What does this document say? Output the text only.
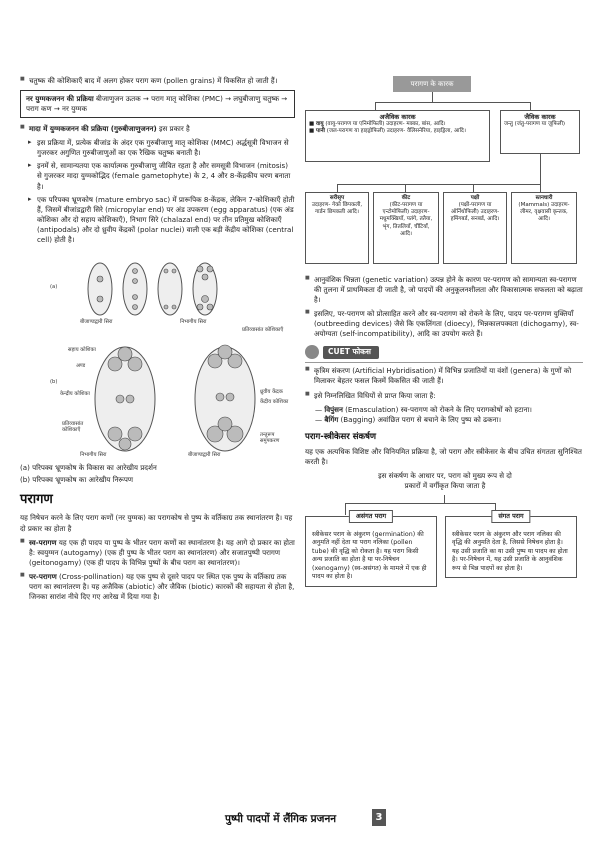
■ चतुष्क की कोशिकाएँ बाद में अलग होकर पराग कण (pollen grains) में विकसित हो जाती हैं।
नर युग्मकजनन की प्रक्रिया बीजाणुजन ऊतक → पराग मातृ कोशिका (PMC) → लघुबीजाणु चतुष्क → पराग कण → नर युग्मक
■ मादा में युग्मकजनन की प्रक्रिया (गुरुबीजाणुजनन) इस प्रकार है
▸ इस प्रक्रिया में, प्रत्येक बीजांड के अंदर एक गुरुबीजाणु मातृ कोशिका (MMC) अर्द्धसूत्री विभाजन से गुजरकर अगुणित गुरुबीजाणुओं का एक रैखिक चतुष्क बनाती है।
▸ इनमें से, सामान्यतया एक कार्यात्मक गुरुबीजाणु जीवित रहता है और समसूत्री विभाजन (mitosis) से गुजरकर मादा युग्मकोद्भिद (female gametophyte) के 2, 4 और 8-केंद्रकीय चरण बनाता है।
▸ एक परिपक्व भ्रूणकोष (mature embryo sac) में प्रारूपिक 8-केंद्रक, लेकिन 7-कोशिकाएँ होती हैं, जिसमें बीजांडद्वारी सिरे (micropylar end) पर अंड उपकरण (egg apparatus) (एक अंड कोशिका और दो सहाय कोशिकाएँ), निभाग सिरे (chalazal end) पर तीन प्रतिमुख कोशिकाएँ (antipodals) और दो ध्रुवीय केंद्रकों (polar nuclei) वाली एक बड़ी केंद्रीय कोशिका (central cell) होती है।
(a)
(b)
बीजाण्डद्वारी सिरा	निभागीय सिरा
प्रतिव्यासांत कोशिकाएँ
सहाय कोशिका
अण्ड
केन्द्रीय कोशिका	ध्रुवीय केंद्रक
केंद्रीय कोशिका
प्रतिव्यासांत कोशिकाएँ
निभागीय सिरा	बीजाण्डद्वारी सिरा
तन्तुरूप समुपकरण

(a) परिपक्व भ्रूणकोष के विकास का आरेखीय प्रदर्शन

(b) परिपक्व भ्रूणकोष का आरेखीय निरूपण

परागण

यह निषेचन करने के लिए पराग कणों (नर युग्मक) का परागकोष से पुष्प के वर्तिकाग्र तक स्थानांतरण है। यह दो प्रकार का होता है

■ स्व-परागण यह एक ही पादप या पुष्प के भीतर पराग कणों का स्थानांतरण है। यह आगे दो प्रकार का होता है: स्वयुग्मन (autogamy) (एक ही पुष्प के भीतर पराग का स्थानांतरण) और सजातपुष्पी परागण (geitonogamy) (एक ही पादप के विभिन्न पुष्पों के बीच पराग का स्थानांतरण)।
■ पर-परागण (Cross-pollination) यह एक पुष्प से दूसरे पादप पर स्थित एक पुष्प के वर्तिकाग्र तक पराग का स्थानांतरण है। यह अजैविक (abiotic) और जैविक (biotic) कारकों की सहायता से होता है, जिनका सारांश नीचे दिए गए आरेख में दिया गया है।
परागण के कारक
अजैविक कारक
■ वायु (वायु-परागण या एनिमोफिली) उदाहरण- मक्का, बांस, आदि।
■ पानी (जल-परागण या हाइड्रोफिली) उदाहरण- वैलिसनेरिया, हाइड्रिला, आदि।
जैविक कारक
जन्तु (जंतु-परागण या ज़ूफिली)
सरीसृप
उदाहरण- गेको छिपकली, गार्डन छिपकली आदि।
कीट
(कीट-परागण या एन्टोमोफिली) उदाहरण- मधुमक्खियाँ, पतंगे, ततैया, भृंग, तितलियाँ, चींटियाँ, आदि।
पक्षी
(पक्षी-परागण या ऑर्निथोफिली) उदाहरण- हमिंगबर्ड, सनबर्ड, आदि।
स्तनधारी
(Mammals) उदाहरण- लीमर, वृक्षवासी कृन्तक, आदि।
■ आनुवंशिक भिन्नता (genetic variation) उत्पन्न होने के कारण पर-परागण को सामान्यता स्व-परागण की तुलना में प्राथमिकता दी जाती है, जो पादपों की अनुकूलनशीलता और विकासात्मक सफलता को बढ़ाता है।
■ इसलिए, पर-परागण को प्रोत्साहित करने और स्व-परागण को रोकने के लिए, पादप पर-परागण युक्तियाँ (outbreeding devices) जैसे कि एकलिंगता (dioecy), भिन्नकालपक्वता (dichogamy), स्व-अयोग्यता (self-incompatibility), आदि का उपयोग करते हैं।
CUET फोकस
■ कृत्रिम संकरण (Artificial Hybridisation) में विभिन्न प्रजातियों या वंशों (genera) के गुणों को मिलाकर बेहतर फसल किस्में विकसित की जाती हैं।
■ इसे निम्नलिखित विधियों से प्राप्त किया जाता है:
— विपुंसन (Emasculation) स्व-परागण को रोकने के लिए परागकोषों को हटाना।
— बैगिंग (Bagging) अवांछित पराग से बचाने के लिए पुष्प को ढकना।
पराग-स्त्रीकेसर संकर्षण

यह एक अत्यधिक विशिष्ट और विनियमित प्रक्रिया है, जो पराग और स्त्रीकेसर के बीच उचित संगतता सुनिश्चित करती है।

इस संकर्षण के आधार पर, पराग को मुख्य रूप से दो प्रकारों में वर्गीकृत किया जाता है
असंगत पराग
स्त्रीकेसर पराग के अंकुरण (germination) की अनुमति नहीं देता या पराग नलिका (pollen tube) की वृद्धि को रोकता है। यह पराग किसी अन्य प्रजाति का होता है या पर-निषेचन (xenogamy) (स्व-असंगत) के मामले में एक ही पादप का होता है।
संगत पराग
स्त्रीकेसर पराग के अंकुरण और पराग नलिका की वृद्धि की अनुमति देता है, जिससे निषेचन होता है। यह उसी प्रजाति का या उसी पुष्प या पादप का होता है। पर-निषेचन में, यह उसी प्रजाति के आनुवंशिक रूप से भिन्न पादपों का होता है।
पुष्पी पादपों में लैंगिक प्रजनन	3
